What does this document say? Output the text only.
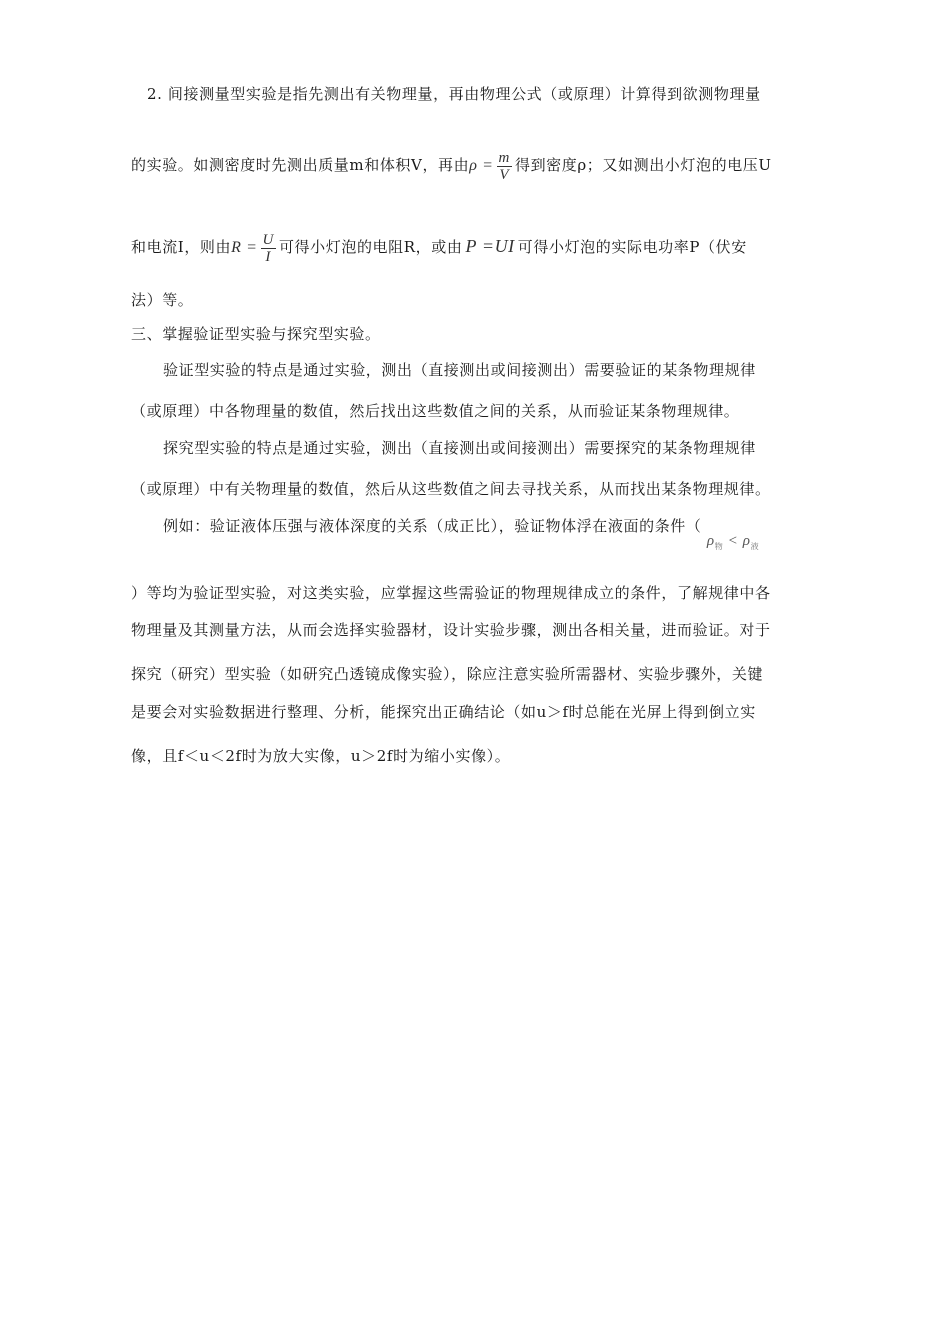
2. 间接测量型实验是指先测出有关物理量，再由物理公式（或原理）计算得到欲测物理量
的实验。如测密度时先测出质量m和体积V，再由$\rho = \frac{m}{V}$ 得到密度ρ；又如测出小灯泡的电压U
和电流I，则由$R = \frac{U}{I}$ 可得小灯泡的电阻R，或由 P =UI 可得小灯泡的实际电功率P（伏安
法）等。
三、掌握验证型实验与探究型实验。
验证型实验的特点是通过实验，测出（直接测出或间接测出）需要验证的某条物理规律
（或原理）中各物理量的数值，然后找出这些数值之间的关系，从而验证某条物理规律。
探究型实验的特点是通过实验，测出（直接测出或间接测出）需要探究的某条物理规律
（或原理）中有关物理量的数值，然后从这些数值之间去寻找关系，从而找出某条物理规律。
例如：验证液体压强与液体深度的关系（成正比），验证物体浮在液面的条件（ $\rho_物 < \rho_液$
）等均为验证型实验，对这类实验，应掌握这些需验证的物理规律成立的条件，了解规律中各
物理量及其测量方法，从而会选择实验器材，设计实验步骤，测出各相关量，进而验证。对于
探究（研究）型实验（如研究凸透镜成像实验），除应注意实验所需器材、实验步骤外，关键
是要会对实验数据进行整理、分析，能探究出正确结论（如u＞f时总能在光屏上得到倒立实
像，且f＜u＜2f时为放大实像，u＞2f时为缩小实像）。
